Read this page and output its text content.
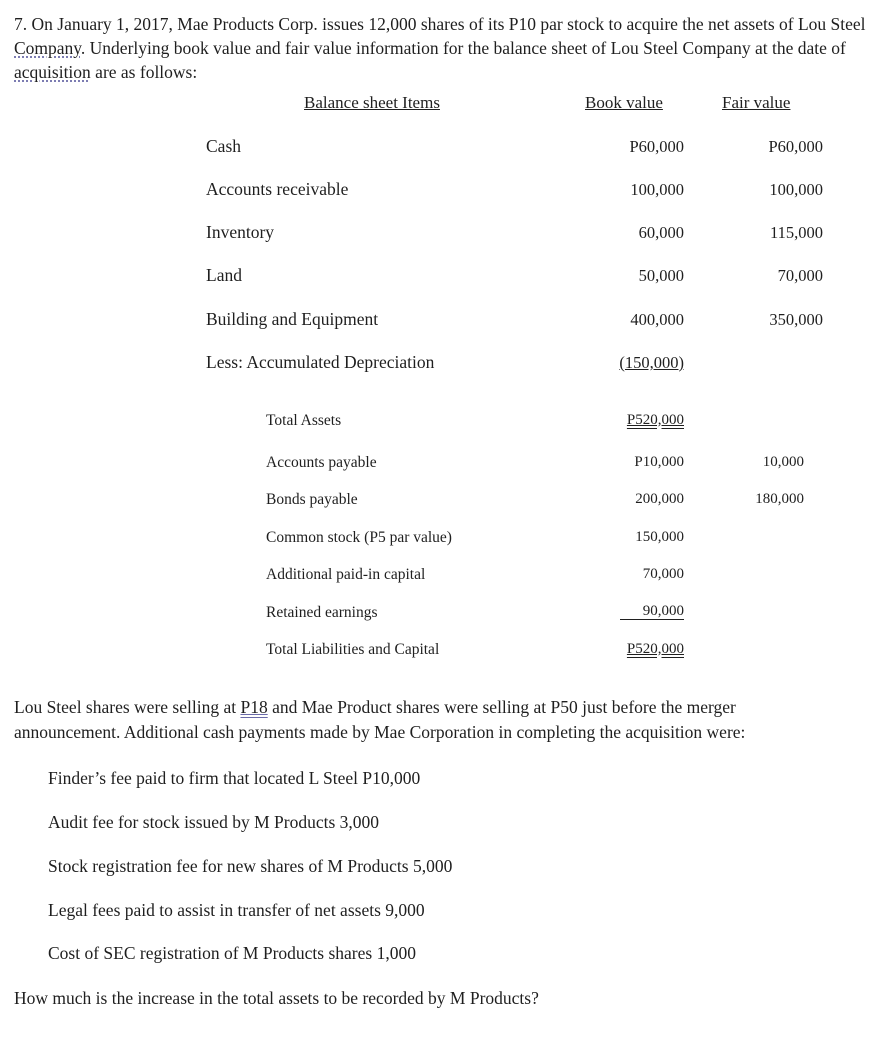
7. On January 1, 2017, Mae Products Corp. issues 12,000 shares of its P10 par stock to acquire the net assets of Lou Steel
Company. Underlying book value and fair value information for the balance sheet of Lou Steel Company at the date of
acquisition are as follows:
Balance sheet Items	Book value	Fair value
Cash	P60,000	P60,000
Accounts receivable	100,000	100,000
Inventory	60,000	115,000
Land	50,000	70,000
Building and Equipment	400,000	350,000
Less: Accumulated Depreciation	(150,000)
Total Assets	P520,000
Accounts payable	P10,000	10,000
Bonds payable	200,000	180,000
Common stock (P5 par value)	150,000
Additional paid-in capital	70,000
Retained earnings	90,000
Total Liabilities and Capital	P520,000
Lou Steel shares were selling at P18 and Mae Product shares were selling at P50 just before the merger
announcement. Additional cash payments made by Mae Corporation in completing the acquisition were:
Finder’s fee paid to firm that located L Steel P10,000
Audit fee for stock issued by M Products 3,000
Stock registration fee for new shares of M Products 5,000
Legal fees paid to assist in transfer of net assets 9,000
Cost of SEC registration of M Products shares 1,000
How much is the increase in the total assets to be recorded by M Products?
